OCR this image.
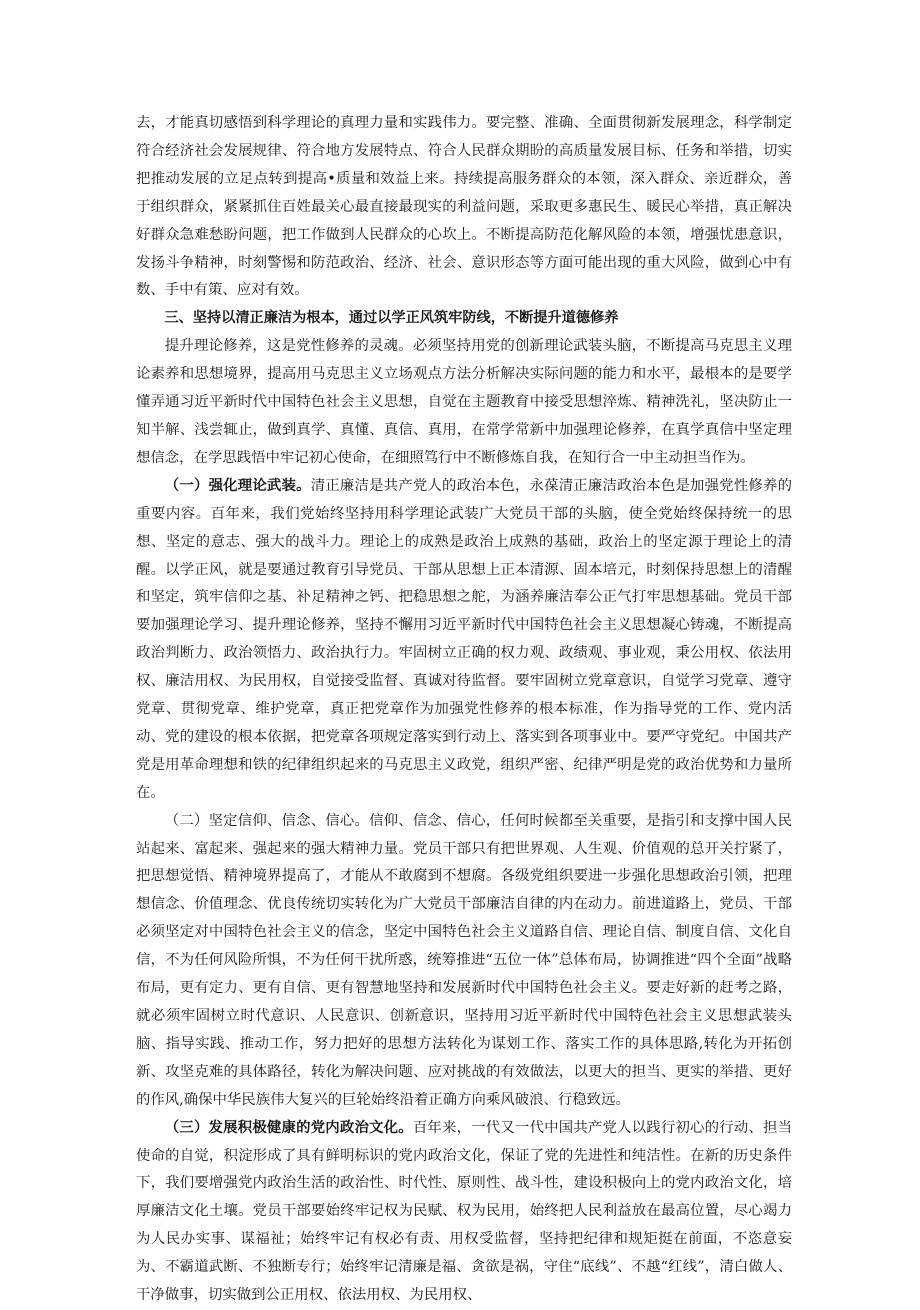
去，才能真切感悟到科学理论的真理力量和实践伟力。要完整、准确、全面贯彻新发展理念，科学制定符合经济社会发展规律、符合地方发展特点、符合人民群众期盼的高质量发展目标、任务和举措，切实把推动发展的立足点转到提高•质量和效益上来。持续提高服务群众的本领，深入群众、亲近群众，善于组织群众，紧紧抓住百姓最关心最直接最现实的利益问题，采取更多惠民生、暖民心举措，真正解决好群众急难愁盼问题，把工作做到人民群众的心坎上。不断提高防范化解风险的本领，增强忧患意识，发扬斗争精神，时刻警惕和防范政治、经济、社会、意识形态等方面可能出现的重大风险，做到心中有数、手中有策、应对有效。

三、坚持以清正廉洁为根本，通过以学正风筑牢防线，不断提升道德修养

提升理论修养，这是党性修养的灵魂。必须坚持用党的创新理论武装头脑，不断提高马克思主义理论素养和思想境界，提高用马克思主义立场观点方法分析解决实际问题的能力和水平，最根本的是要学懂弄通习近平新时代中国特色社会主义思想，自觉在主题教育中接受思想淬炼、精神洗礼，坚决防止一知半解、浅尝辄止，做到真学、真懂、真信、真用，在常学常新中加强理论修养，在真学真信中坚定理想信念，在学思践悟中牢记初心使命，在细照笃行中不断修炼自我，在知行合一中主动担当作为。

（一）强化理论武装。清正廉洁是共产党人的政治本色，永葆清正廉洁政治本色是加强党性修养的重要内容。百年来，我们党始终坚持用科学理论武装广大党员干部的头脑，使全党始终保持统一的思想、坚定的意志、强大的战斗力。理论上的成熟是政治上成熟的基础，政治上的坚定源于理论上的清醒。以学正风，就是要通过教育引导党员、干部从思想上正本清源、固本培元，时刻保持思想上的清醒和坚定，筑牢信仰之基、补足精神之钙、把稳思想之舵，为涵养廉洁奉公正气打牢思想基础。党员干部要加强理论学习、提升理论修养，坚持不懈用习近平新时代中国特色社会主义思想凝心铸魂，不断提高政治判断力、政治领悟力、政治执行力。牢固树立正确的权力观、政绩观、事业观，秉公用权、依法用权、廉洁用权、为民用权，自觉接受监督、真诚对待监督。要牢固树立党章意识，自觉学习党章、遵守党章、贯彻党章、维护党章，真正把党章作为加强党性修养的根本标准，作为指导党的工作、党内活动、党的建设的根本依据，把党章各项规定落实到行动上、落实到各项事业中。要严守党纪。中国共产党是用革命理想和铁的纪律组织起来的马克思主义政党，组织严密、纪律严明是党的政治优势和力量所在。

（二）坚定信仰、信念、信心。信仰、信念、信心，任何时候都至关重要，是指引和支撑中国人民站起来、富起来、强起来的强大精神力量。党员干部只有把世界观、人生观、价值观的总开关拧紧了，把思想觉悟、精神境界提高了，才能从不敢腐到不想腐。各级党组织要进一步强化思想政治引领，把理想信念、价值理念、优良传统切实转化为广大党员干部廉洁自律的内在动力。前进道路上，党员、干部必须坚定对中国特色社会主义的信念，坚定中国特色社会主义道路自信、理论自信、制度自信、文化自信，不为任何风险所惧，不为任何干扰所惑，统筹推进“五位一体”总体布局，协调推进“四个全面”战略布局，更有定力、更有自信、更有智慧地坚持和发展新时代中国特色社会主义。要走好新的赶考之路，就必须牢固树立时代意识、人民意识、创新意识，坚持用习近平新时代中国特色社会主义思想武装头脑、指导实践、推动工作，努力把好的思想方法转化为谋划工作、落实工作的具体思路,转化为开拓创新、攻坚克难的具体路径，转化为解决问题、应对挑战的有效做法，以更大的担当、更实的举措、更好的作风,确保中华民族伟大复兴的巨轮始终沿着正确方向乘风破浪、行稳致远。

（三）发展积极健康的党内政治文化。百年来，一代又一代中国共产党人以践行初心的行动、担当使命的自觉，积淀形成了具有鲜明标识的党内政治文化，保证了党的先进性和纯洁性。在新的历史条件下，我们要增强党内政治生活的政治性、时代性、原则性、战斗性，建设积极向上的党内政治文化，培厚廉洁文化土壤。党员干部要始终牢记权为民赋、权为民用，始终把人民利益放在最高位置，尽心竭力为人民办实事、谋福祉；始终牢记有权必有责、用权受监督，坚持把纪律和规矩挺在前面，不恣意妄为、不霸道武断、不独断专行；始终牢记清廉是福、贪欲是祸，守住“底线”、不越“红线”，清白做人、干净做事，切实做到公正用权、依法用权、为民用权、
